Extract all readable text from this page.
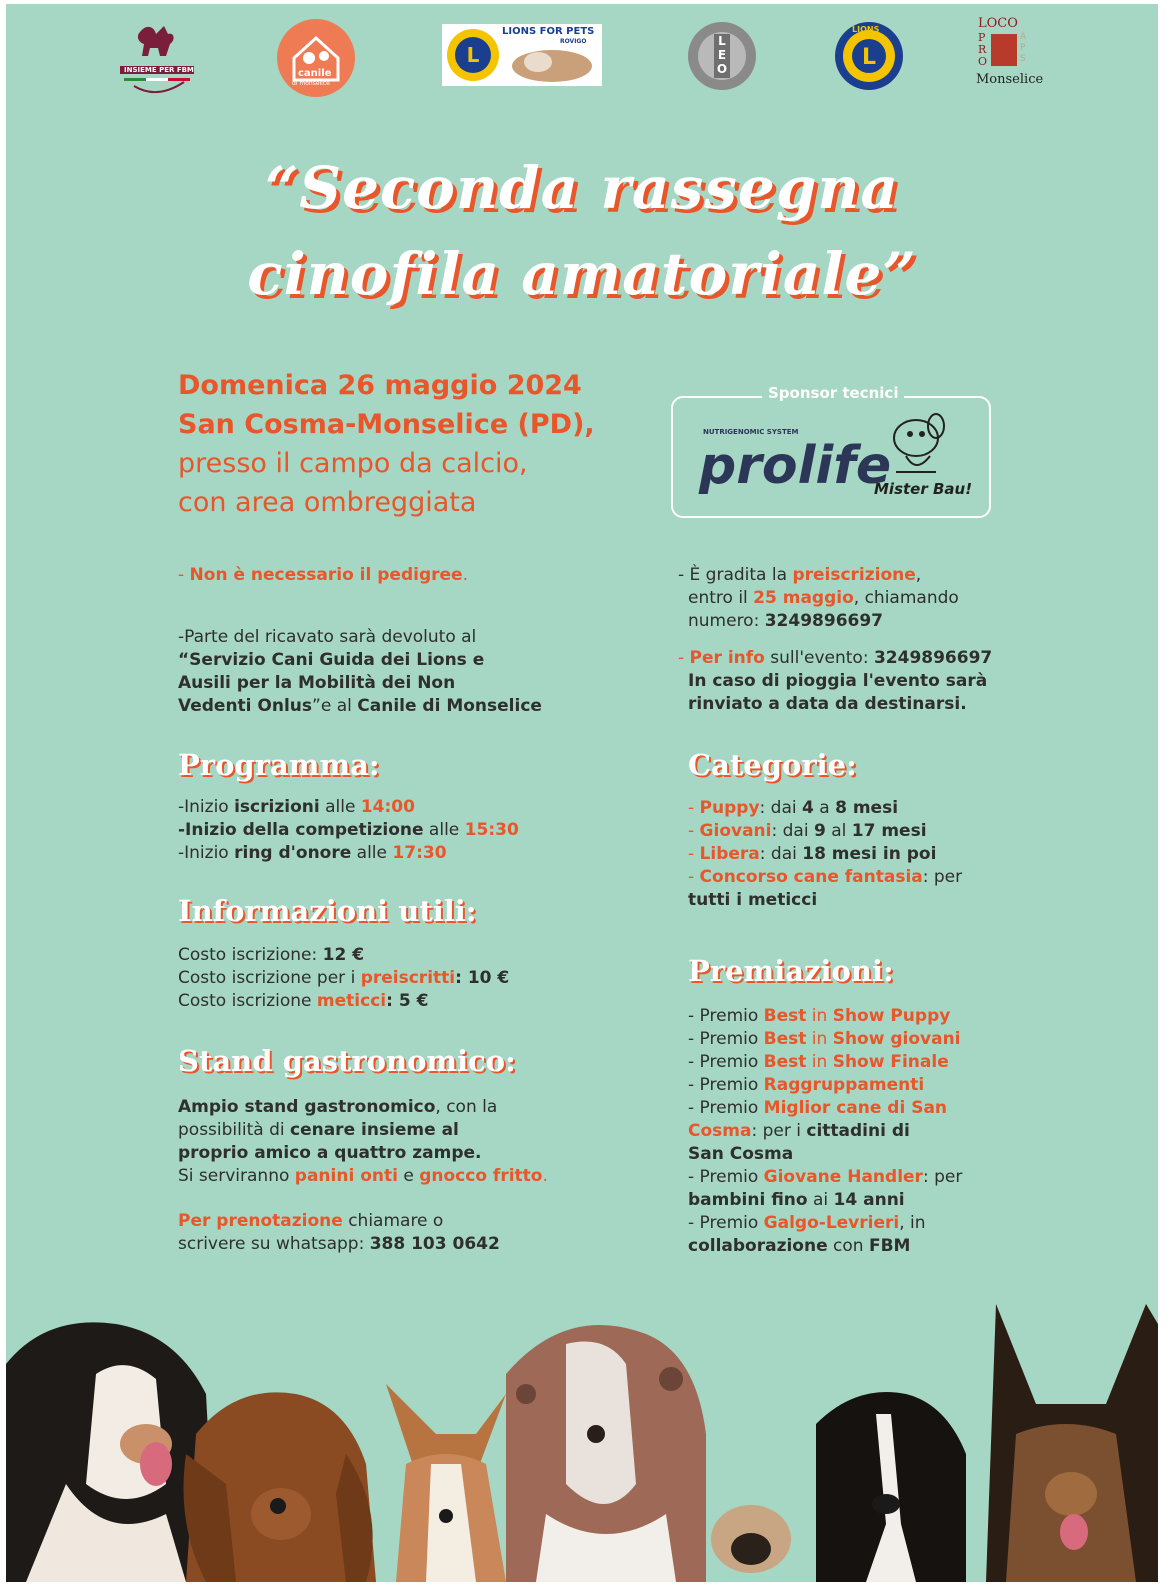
INSIEME PER FBM	canile
di monselice
L
LIONS FOR PETS
ROVIGO	LEO	L
LIONS	LOCO
PRO
APS
Monselice
“Seconda rassegna
cinofila amatoriale”
Domenica 26 maggio 2024
San Cosma-Monselice (PD),
presso il campo da calcio,
con area ombreggiata
Sponsor tecnici
NUTRIGENOMIC SYSTEM
prolife
Mister Bau!
- Non è necessario il pedigree.
-Parte del ricavato sarà devoluto al
“Servizio Cani Guida dei Lions e
Ausili per la Mobilità dei Non
Vedenti Onlus”e al Canile di Monselice
- È gradita la preiscrizione,
entro il 25 maggio, chiamando
numero: 3249896697
- Per info sull'evento: 3249896697
In caso di pioggia l'evento sarà
rinviato a data da destinarsi.
Programma:
-Inizio iscrizioni alle 14:00
-Inizio della competizione alle 15:30
-Inizio ring d'onore alle 17:30
Informazioni utili:
Costo iscrizione: 12 €
Costo iscrizione per i preiscritti: 10 €
Costo iscrizione meticci: 5 €
Stand gastronomico:
Ampio stand gastronomico, con la
possibilità di cenare insieme al
proprio amico a quattro zampe.
Si serviranno panini onti e gnocco fritto.
Per prenotazione chiamare o
scrivere su whatsapp: 388 103 0642
Categorie:
- Puppy: dai 4 a 8 mesi
- Giovani: dai 9 al 17 mesi
- Libera: dai 18 mesi in poi
- Concorso cane fantasia: per
tutti i meticci
Premiazioni:
- Premio Best in Show Puppy
- Premio Best in Show giovani
- Premio Best in Show Finale
- Premio Raggruppamenti
- Premio Miglior cane di San
Cosma: per i cittadini di
San Cosma
- Premio Giovane Handler: per
bambini fino ai 14 anni
- Premio Galgo-Levrieri, in
collaborazione con FBM
